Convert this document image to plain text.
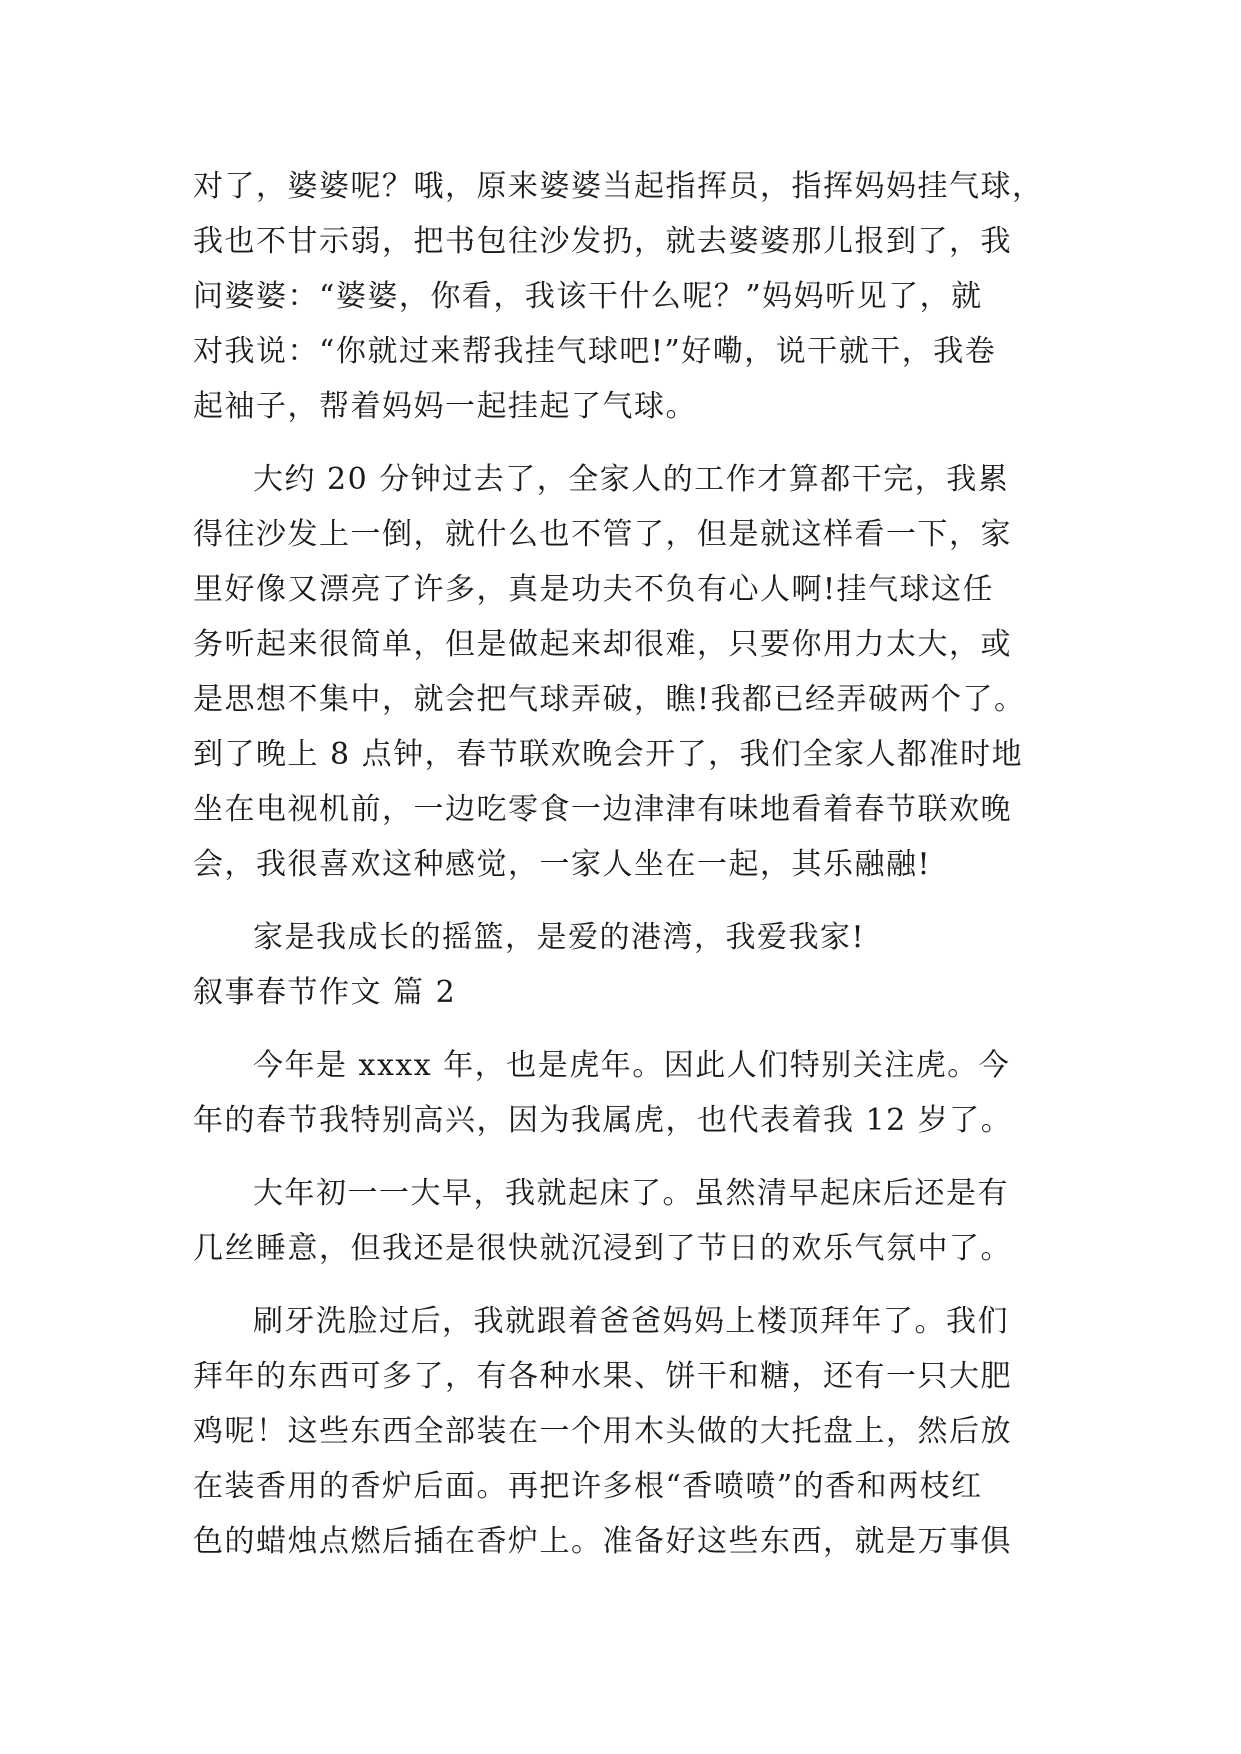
对了，婆婆呢？哦，原来婆婆当起指挥员，指挥妈妈挂气球，
我也不甘示弱，把书包往沙发扔，就去婆婆那儿报到了，我
问婆婆：“婆婆，你看，我该干什么呢？”妈妈听见了，就
对我说：“你就过来帮我挂气球吧!”好嘞，说干就干，我卷
起袖子，帮着妈妈一起挂起了气球。
大约 20 分钟过去了，全家人的工作才算都干完，我累
得往沙发上一倒，就什么也不管了，但是就这样看一下，家
里好像又漂亮了许多，真是功夫不负有心人啊!挂气球这任
务听起来很简单，但是做起来却很难，只要你用力太大，或
是思想不集中，就会把气球弄破，瞧!我都已经弄破两个了。
到了晚上 8 点钟，春节联欢晚会开了，我们全家人都准时地
坐在电视机前，一边吃零食一边津津有味地看着春节联欢晚
会，我很喜欢这种感觉，一家人坐在一起，其乐融融!
家是我成长的摇篮，是爱的港湾，我爱我家!
叙事春节作文 篇 2
今年是 xxxx 年，也是虎年。因此人们特别关注虎。今
年的春节我特别高兴，因为我属虎，也代表着我 12 岁了。
大年初一一大早，我就起床了。虽然清早起床后还是有
几丝睡意，但我还是很快就沉浸到了节日的欢乐气氛中了。
刷牙洗脸过后，我就跟着爸爸妈妈上楼顶拜年了。我们
拜年的东西可多了，有各种水果、饼干和糖，还有一只大肥
鸡呢！这些东西全部装在一个用木头做的大托盘上，然后放
在装香用的香炉后面。再把许多根“香喷喷”的香和两枝红
色的蜡烛点燃后插在香炉上。准备好这些东西，就是万事俱
